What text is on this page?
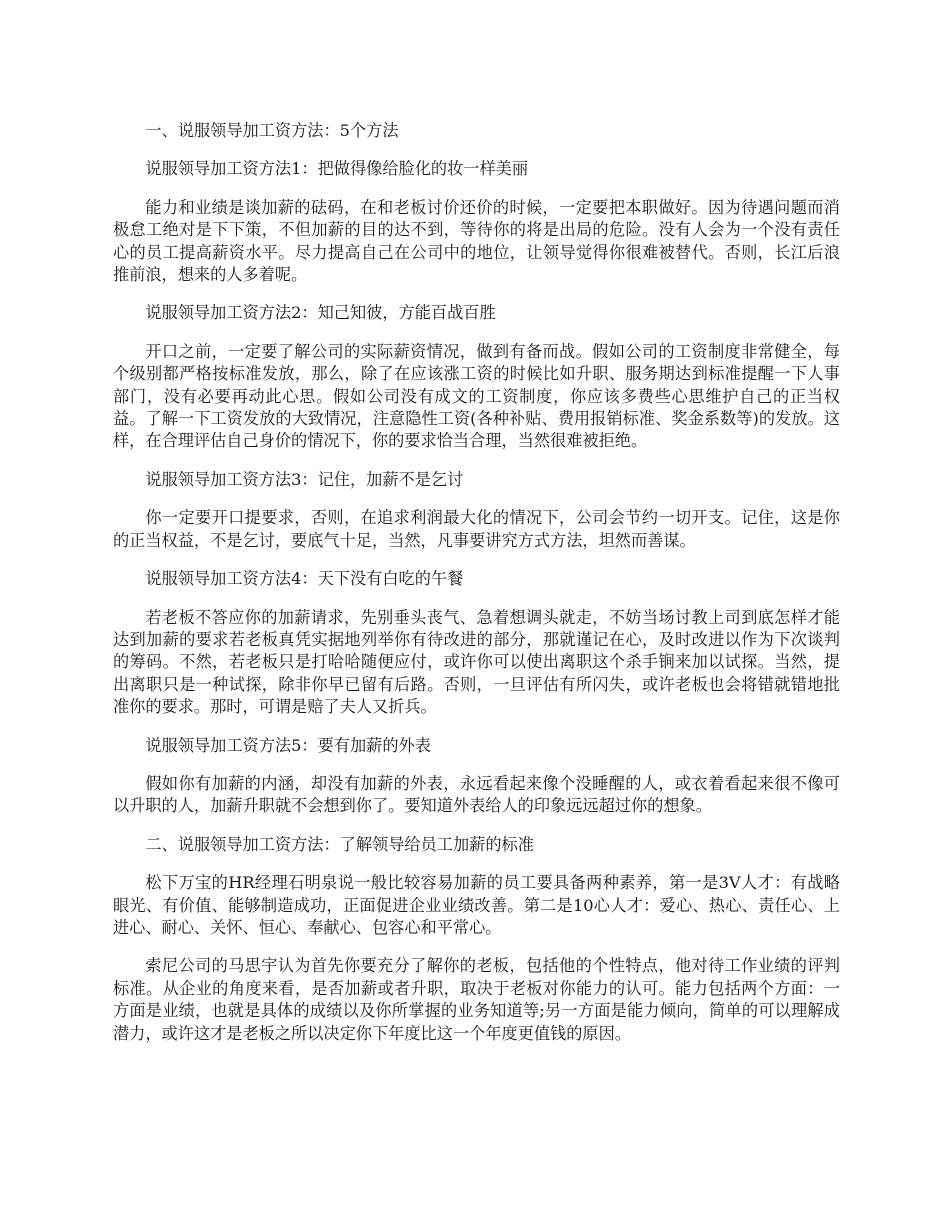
一、说服领导加工资方法：5个方法

说服领导加工资方法1：把做得像给脸化的妆一样美丽

能力和业绩是谈加薪的砝码，在和老板讨价还价的时候，一定要把本职做好。因为待遇问题而消极怠工绝对是下下策，不但加薪的目的达不到，等待你的将是出局的危险。没有人会为一个没有责任心的员工提高薪资水平。尽力提高自己在公司中的地位，让领导觉得你很难被替代。否则，长江后浪推前浪，想来的人多着呢。

说服领导加工资方法2：知己知彼，方能百战百胜

开口之前，一定要了解公司的实际薪资情况，做到有备而战。假如公司的工资制度非常健全，每个级别都严格按标准发放，那么，除了在应该涨工资的时候比如升职、服务期达到标准提醒一下人事部门，没有必要再动此心思。假如公司没有成文的工资制度，你应该多费些心思维护自己的正当权益。了解一下工资发放的大致情况，注意隐性工资(各种补贴、费用报销标准、奖金系数等)的发放。这样，在合理评估自己身价的情况下，你的要求恰当合理，当然很难被拒绝。

说服领导加工资方法3：记住，加薪不是乞讨

你一定要开口提要求，否则，在追求利润最大化的情况下，公司会节约一切开支。记住，这是你的正当权益，不是乞讨，要底气十足，当然，凡事要讲究方式方法，坦然而善谋。

说服领导加工资方法4：天下没有白吃的午餐

若老板不答应你的加薪请求，先别垂头丧气、急着想调头就走，不妨当场讨教上司到底怎样才能达到加薪的要求若老板真凭实据地列举你有待改进的部分，那就谨记在心，及时改进以作为下次谈判的筹码。不然，若老板只是打哈哈随便应付，或许你可以使出离职这个杀手锏来加以试探。当然，提出离职只是一种试探，除非你早已留有后路。否则，一旦评估有所闪失，或许老板也会将错就错地批准你的要求。那时，可谓是赔了夫人又折兵。

说服领导加工资方法5：要有加薪的外表

假如你有加薪的内涵，却没有加薪的外表，永远看起来像个没睡醒的人，或衣着看起来很不像可以升职的人，加薪升职就不会想到你了。要知道外表给人的印象远远超过你的想象。

二、说服领导加工资方法：了解领导给员工加薪的标准

松下万宝的HR经理石明泉说一般比较容易加薪的员工要具备两种素养，第一是3V人才：有战略眼光、有价值、能够制造成功，正面促进企业业绩改善。第二是10心人才：爱心、热心、责任心、上进心、耐心、关怀、恒心、奉献心、包容心和平常心。

索尼公司的马思宇认为首先你要充分了解你的老板，包括他的个性特点，他对待工作业绩的评判标准。从企业的角度来看，是否加薪或者升职，取决于老板对你能力的认可。能力包括两个方面：一方面是业绩，也就是具体的成绩以及你所掌握的业务知道等;另一方面是能力倾向，简单的可以理解成潜力，或许这才是老板之所以决定你下年度比这一个年度更值钱的原因。
